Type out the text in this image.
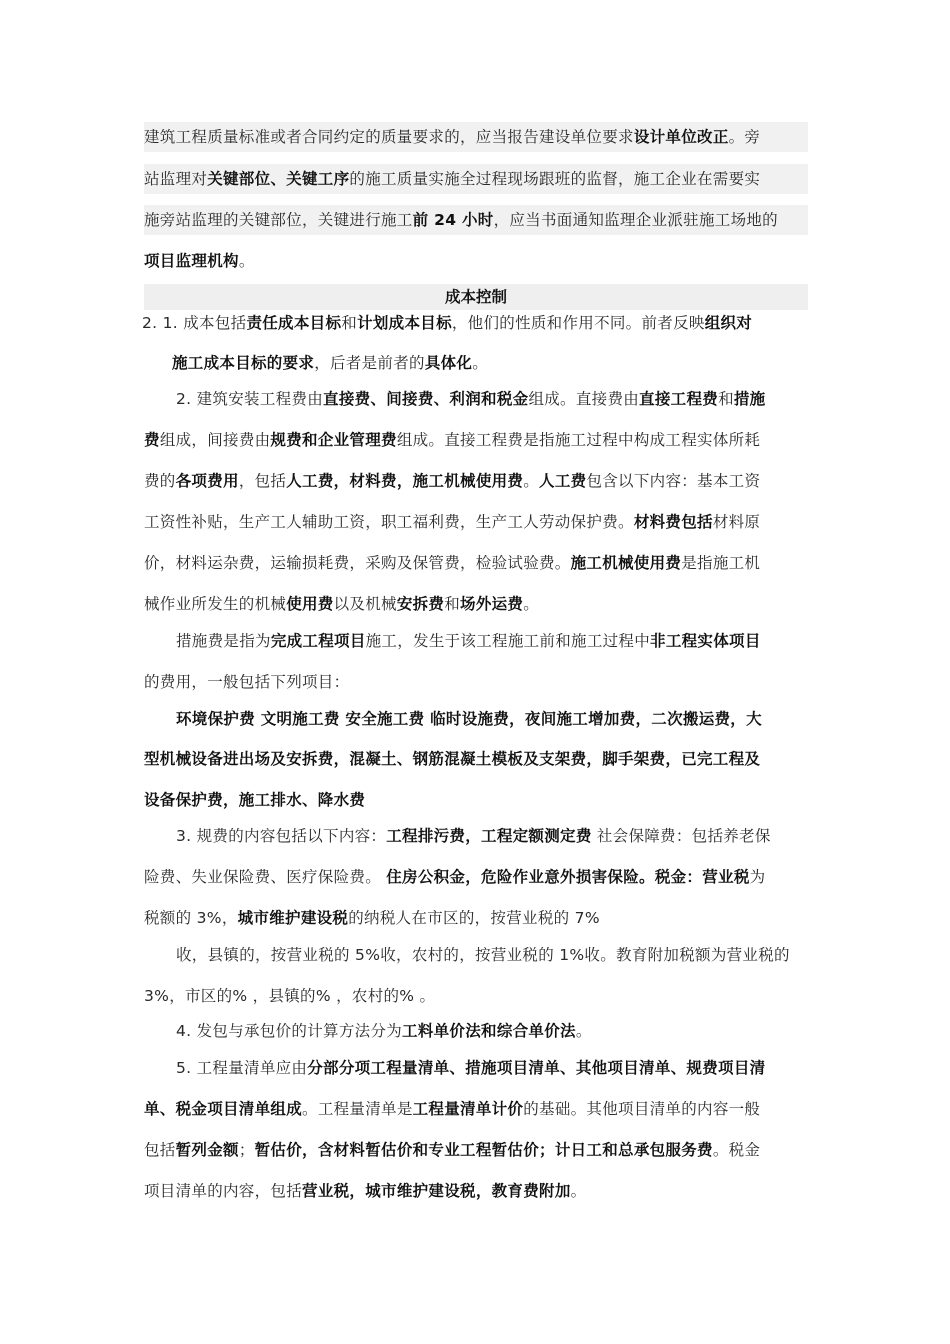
建筑工程质量标准或者合同约定的质量要求的，应当报告建设单位要求设计单位改正。旁
站监理对关键部位、关键工序的施工质量实施全过程现场跟班的监督，施工企业在需要实
施旁站监理的关键部位，关键进行施工前 24 小时，应当书面通知监理企业派驻施工场地的
项目监理机构。
成本控制
2. 1. 成本包括责任成本目标和计划成本目标，他们的性质和作用不同。前者反映组织对
施工成本目标的要求，后者是前者的具体化。
2. 建筑安装工程费由直接费、间接费、利润和税金组成。直接费由直接工程费和措施
费组成，间接费由规费和企业管理费组成。直接工程费是指施工过程中构成工程实体所耗
费的各项费用，包括人工费，材料费，施工机械使用费。人工费包含以下内容：基本工资
工资性补贴，生产工人辅助工资，职工福利费，生产工人劳动保护费。材料费包括材料原
价，材料运杂费，运输损耗费，采购及保管费，检验试验费。施工机械使用费是指施工机
械作业所发生的机械使用费以及机械安拆费和场外运费。
措施费是指为完成工程项目施工，发生于该工程施工前和施工过程中非工程实体项目
的费用，一般包括下列项目：
环境保护费 文明施工费 安全施工费 临时设施费，夜间施工增加费，二次搬运费，大
型机械设备进出场及安拆费，混凝土、钢筋混凝土模板及支架费，脚手架费，已完工程及
设备保护费，施工排水、降水费
3. 规费的内容包括以下内容：工程排污费，工程定额测定费 社会保障费：包括养老保
险费、失业保险费、医疗保险费。 住房公积金，危险作业意外损害保险。税金：营业税为
税额的 3%，城市维护建设税的纳税人在市区的，按营业税的 7%
收，县镇的，按营业税的 5%收，农村的，按营业税的 1%收。教育附加税额为营业税的
3%，市区的% ，县镇的% ，农村的% 。
4. 发包与承包价的计算方法分为工料单价法和综合单价法。
5. 工程量清单应由分部分项工程量清单、措施项目清单、其他项目清单、规费项目清
单、税金项目清单组成。工程量清单是工程量清单计价的基础。其他项目清单的内容一般
包括暂列金额；暂估价，含材料暂估价和专业工程暂估价；计日工和总承包服务费。税金
项目清单的内容，包括营业税，城市维护建设税，教育费附加。
